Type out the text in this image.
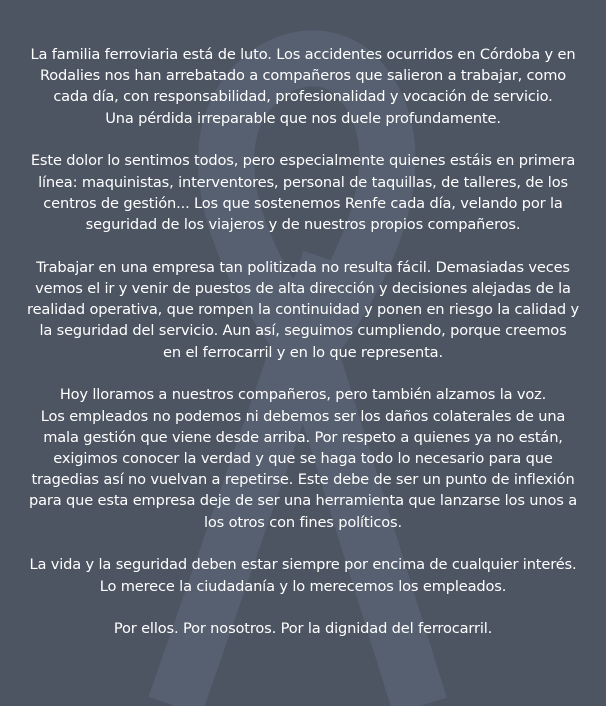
La familia ferroviaria está de luto. Los accidentes ocurridos en Córdoba y en
Rodalies nos han arrebatado a compañeros que salieron a trabajar, como
cada día, con responsabilidad, profesionalidad y vocación de servicio.
Una pérdida irreparable que nos duele profundamente.

Este dolor lo sentimos todos, pero especialmente quienes estáis en primera
línea: maquinistas, interventores, personal de taquillas, de talleres, de los
centros de gestión... Los que sostenemos Renfe cada día, velando por la
seguridad de los viajeros y de nuestros propios compañeros.

Trabajar en una empresa tan politizada no resulta fácil. Demasiadas veces
vemos el ir y venir de puestos de alta dirección y decisiones alejadas de la
realidad operativa, que rompen la continuidad y ponen en riesgo la calidad y
la seguridad del servicio. Aun así, seguimos cumpliendo, porque creemos
en el ferrocarril y en lo que representa.

Hoy lloramos a nuestros compañeros, pero también alzamos la voz.
Los empleados no podemos ni debemos ser los daños colaterales de una
mala gestión que viene desde arriba. Por respeto a quienes ya no están,
exigimos conocer la verdad y que se haga todo lo necesario para que
tragedias así no vuelvan a repetirse. Este debe de ser un punto de inflexión
para que esta empresa deje de ser una herramienta que lanzarse los unos a
los otros con fines políticos.

La vida y la seguridad deben estar siempre por encima de cualquier interés.
Lo merece la ciudadanía y lo merecemos los empleados.

Por ellos. Por nosotros. Por la dignidad del ferrocarril.
